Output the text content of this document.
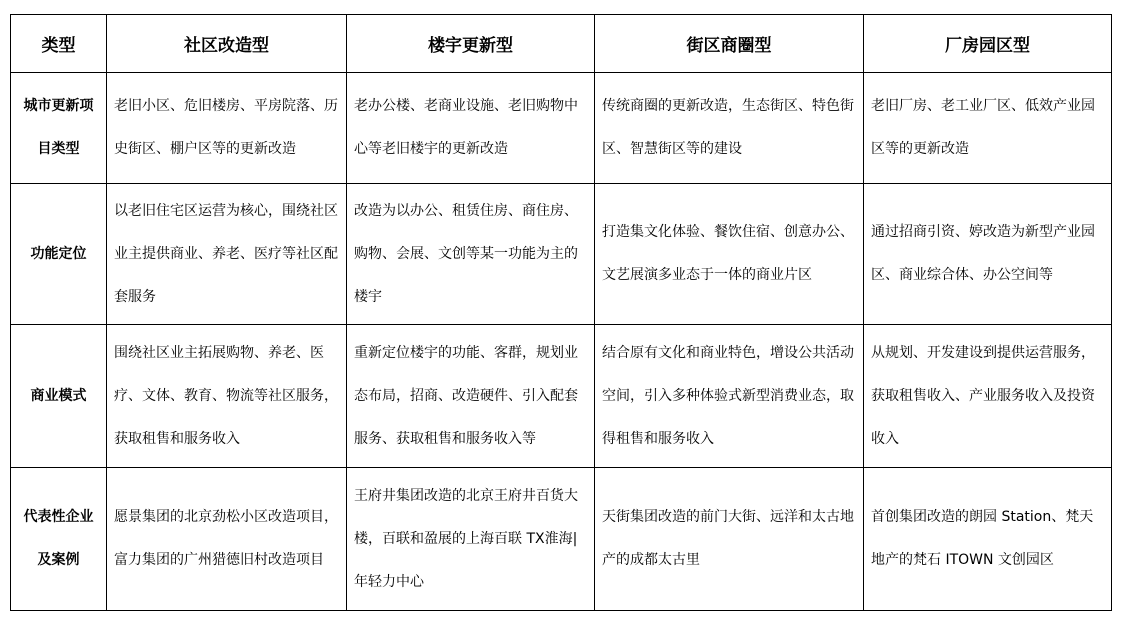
类型	社区改造型	楼宇更新型	街区商圈型	厂房园区型
城市更新项目类型	老旧小区、危旧楼房、平房院落、历史街区、棚户区等的更新改造	老办公楼、老商业设施、老旧购物中心等老旧楼宇的更新改造	传统商圈的更新改造，生态街区、特色街区、智慧街区等的建设	老旧厂房、老工业厂区、低效产业园区等的更新改造
功能定位	以老旧住宅区运营为核心，围绕社区业主提供商业、养老、医疗等社区配套服务	改造为以办公、租赁住房、商住房、购物、会展、文创等某一功能为主的楼宇	打造集文化体验、餐饮住宿、创意办公、文艺展演多业态于一体的商业片区	通过招商引资、婷改造为新型产业园区、商业综合体、办公空间等
商业模式	围绕社区业主拓展购物、养老、医疗、文体、教育、物流等社区服务，获取租售和服务收入	重新定位楼宇的功能、客群，规划业态布局，招商、改造硬件、引入配套服务、获取租售和服务收入等	结合原有文化和商业特色，增设公共活动空间，引入多种体验式新型消费业态，取得租售和服务收入	从规划、开发建设到提供运营服务，获取租售收入、产业服务收入及投资收入
代表性企业及案例	愿景集团的北京劲松小区改造项目，富力集团的广州猎德旧村改造项目	王府井集团改造的北京王府井百货大楼，百联和盈展的上海百联 TX淮海|年轻力中心	天街集团改造的前门大街、远洋和太古地产的成都太古里	首创集团改造的朗园 Station、梵天地产的梵石 ITOWN 文创园区
